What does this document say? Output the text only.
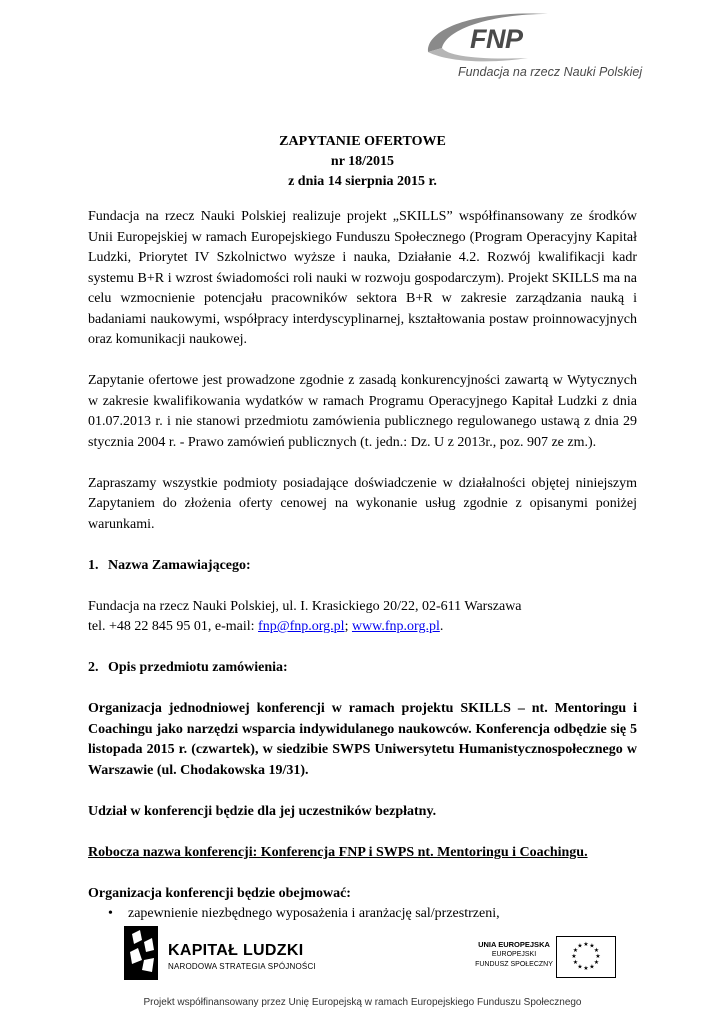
FNP
Fundacja na rzecz Nauki Polskiej
ZAPYTANIE OFERTOWE
nr 18/2015
z dnia 14 sierpnia 2015 r.

Fundacja na rzecz Nauki Polskiej realizuje projekt „SKILLS” współfinansowany ze środków Unii Europejskiej w ramach Europejskiego Funduszu Społecznego (Program Operacyjny Kapitał Ludzki, Priorytet IV Szkolnictwo wyższe i nauka, Działanie 4.2. Rozwój kwalifikacji kadr systemu B+R i wzrost świadomości roli nauki w rozwoju gospodarczym). Projekt SKILLS ma na celu wzmocnienie potencjału pracowników sektora B+R w zakresie zarządzania nauką i badaniami naukowymi, współpracy interdyscyplinarnej, kształtowania postaw proinnowacyjnych oraz komunikacji naukowej.

Zapytanie ofertowe jest prowadzone zgodnie z zasadą konkurencyjności zawartą w Wytycznych w zakresie kwalifikowania wydatków w ramach Programu Operacyjnego Kapitał Ludzki z dnia 01.07.2013 r. i nie stanowi przedmiotu zamówienia publicznego regulowanego ustawą z dnia 29 stycznia 2004 r. - Prawo zamówień publicznych (t. jedn.: Dz. U z 2013r., poz. 907 ze zm.).

Zapraszamy wszystkie podmioty posiadające doświadczenie w działalności objętej niniejszym Zapytaniem do złożenia oferty cenowej na wykonanie usług zgodnie z opisanymi poniżej warunkami.

1. Nazwa Zamawiającego:

Fundacja na rzecz Nauki Polskiej, ul. I. Krasickiego 20/22, 02-611 Warszawa
tel. +48 22 845 95 01, e-mail: fnp@fnp.org.pl; www.fnp.org.pl.

2. Opis przedmiotu zamówienia:

Organizacja jednodniowej konferencji w ramach projektu SKILLS – nt. Mentoringu i Coachingu jako narzędzi wsparcia indywidulanego naukowców. Konferencja odbędzie się 5 listopada 2015 r. (czwartek), w siedzibie SWPS Uniwersytetu Humanistycznospołecznego w Warszawie (ul. Chodakowska 19/31).

Udział w konferencji będzie dla jej uczestników bezpłatny.

Robocza nazwa konferencji: Konferencja FNP i SWPS nt. Mentoringu i Coachingu.

Organizacja konferencji będzie obejmować:
•	zapewnienie niezbędnego wyposażenia i aranżację sal/przestrzeni,
KAPITAŁ LUDZKI
NARODOWA STRATEGIA SPÓJNOŚCI
UNIA EUROPEJSKA
EUROPEJSKI
FUNDUSZ SPOŁECZNY
★ ★
★
★
★
★
★
★
★
★
★
★
Projekt współfinansowany przez Unię Europejską w ramach Europejskiego Funduszu Społecznego
